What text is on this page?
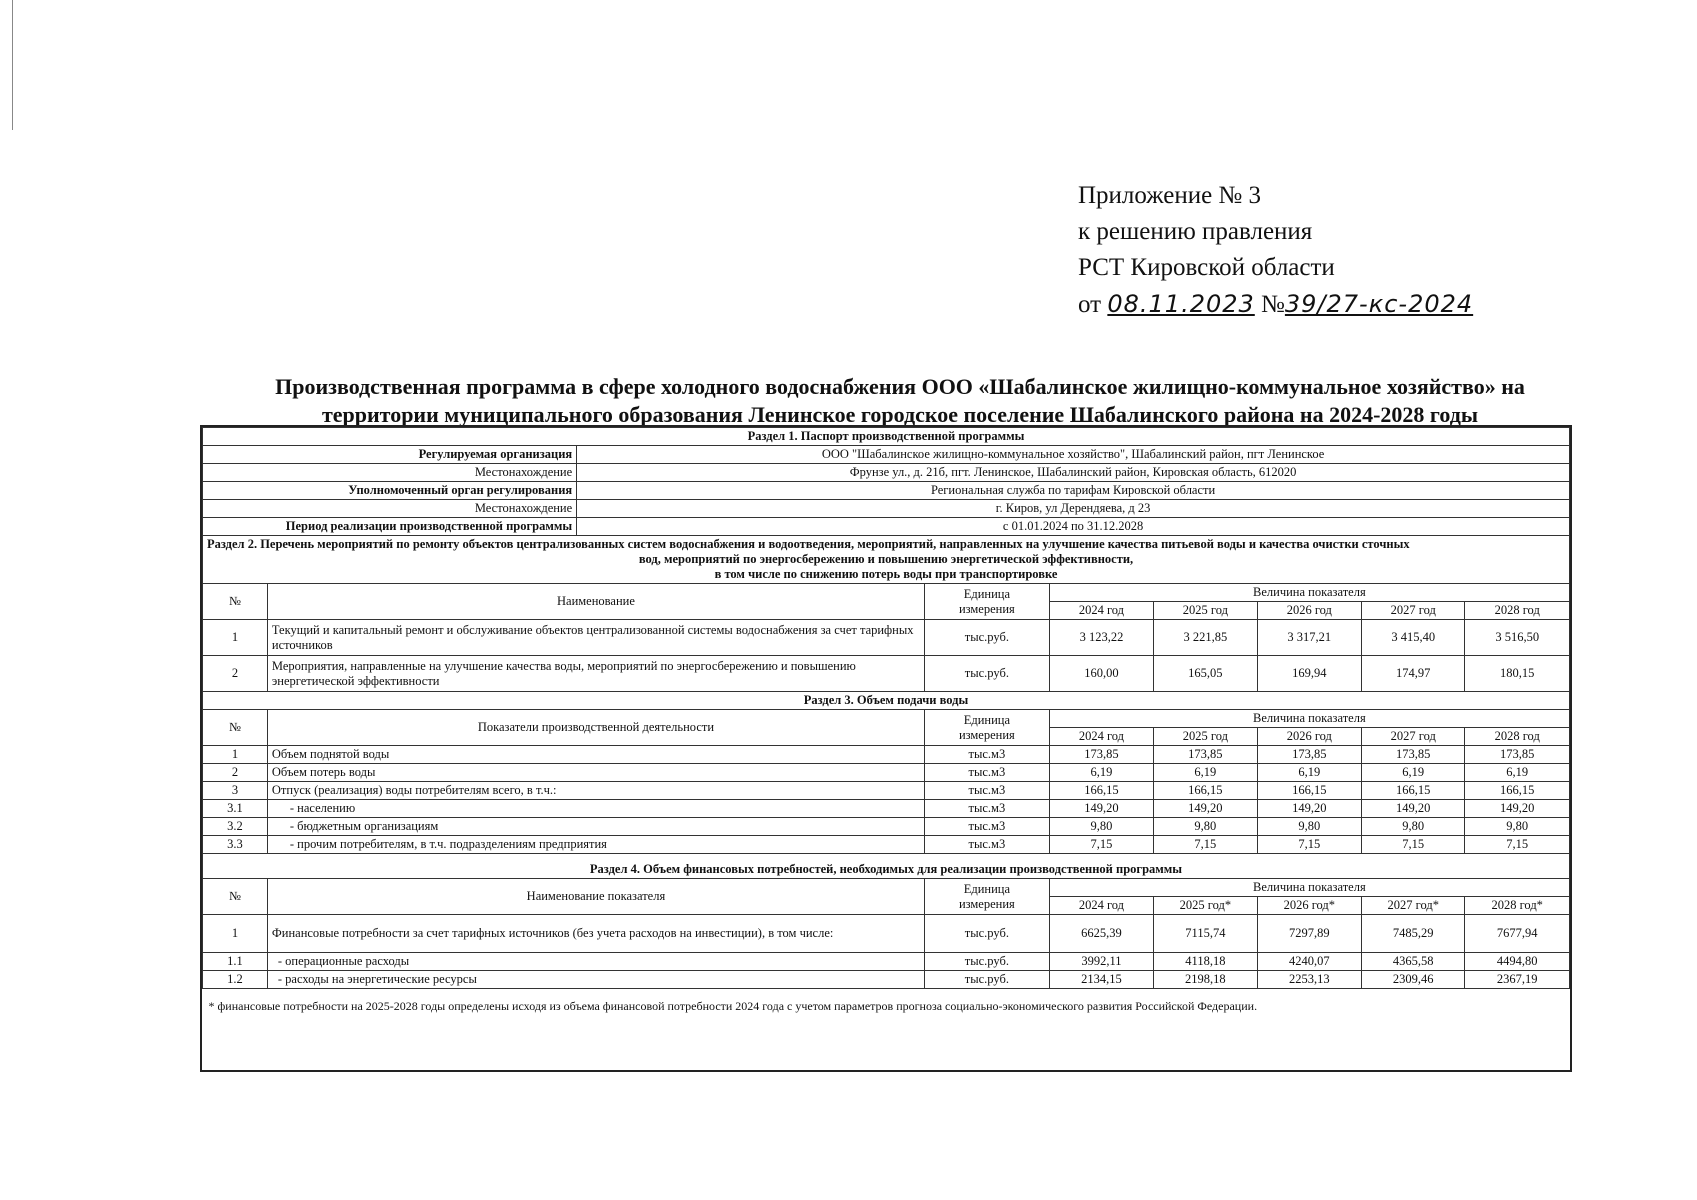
Приложение № 3
к решению правления
РСТ Кировской области
от 08.11.2023 №39/27-кс-2024
Производственная программа в сфере холодного водоснабжения ООО «Шабалинское жилищно-коммунальное хозяйство» на
территории муниципального образования Ленинское городское поселение Шабалинского района на 2024-2028 годы
Раздел 1. Паспорт производственной программы								
Регулируемая организация		ООО "Шабалинское жилищно-коммунальное хозяйство", Шабалинский район, пгт Ленинское						
Местонахождение		Фрунзе ул., д. 21б, пгт. Ленинское, Шабалинский район, Кировская область, 612020						
Уполномоченный орган регулирования		Региональная служба по тарифам Кировской области						
Местонахождение		г. Киров, ул Дерендяева, д 23						
Период реализации производственной программы		с 01.01.2024 по 31.12.2028						

Раздел 2. Перечень мероприятий по ремонту объектов централизованных систем водоснабжения и водоотведения, мероприятий, направленных на улучшение качества питьевой воды и качества очистки сточных
вод, мероприятий по энергосбережению и повышению энергетической эффективности,
в том числе по снижению потерь воды при транспортировке								

№	Наименование		Единица
измерения	Величина показателя				
				2024 год	2025 год	2026 год	2027 год	2028 год
1	Текущий и капитальный ремонт и обслуживание объектов централизованной системы водоснабжения за счет тарифных источников		тыс.руб.	3 123,22	3 221,85	3 317,21	3 415,40	3 516,50
2	Мероприятия, направленные на улучшение качества воды, мероприятий по энергосбережению и повышению энергетической эффективности		тыс.руб.	160,00	165,05	169,94	174,97	180,15
Раздел 3. Объем подачи воды								
№	Показатели производственной деятельности		Единица
измерения	Величина показателя				
				2024 год	2025 год	2026 год	2027 год	2028 год
1	Объем поднятой воды		тыс.м3	173,85	173,85	173,85	173,85	173,85
2	Объем потерь воды		тыс.м3	6,19	6,19	6,19	6,19	6,19
3	Отпуск (реализация) воды потребителям всего, в т.ч.:		тыс.м3	166,15	166,15	166,15	166,15	166,15
3.1	- населению		тыс.м3	149,20	149,20	149,20	149,20	149,20
3.2	- бюджетным организациям		тыс.м3	9,80	9,80	9,80	9,80	9,80
3.3	- прочим потребителям, в т.ч. подразделениям предприятия		тыс.м3	7,15	7,15	7,15	7,15	7,15
Раздел 4. Объем финансовых потребностей, необходимых для реализации производственной программы								
№	Наименование показателя		Единица
измерения	Величина показателя				
				2024 год	2025 год*	2026 год*	2027 год*	2028 год*
1	Финансовые потребности за счет тарифных источников (без учета расходов на инвестиции), в том числе:		тыс.руб.	6625,39	7115,74	7297,89	7485,29	7677,94
1.1	- операционные расходы		тыс.руб.	3992,11	4118,18	4240,07	4365,58	4494,80
1.2	- расходы на энергетические ресурсы		тыс.руб.	2134,15	2198,18	2253,13	2309,46	2367,19
* финансовые потребности на 2025-2028 годы определены исходя из объема финансовой потребности 2024 года с учетом параметров прогноза социально-экономического развития Российской Федерации.								
